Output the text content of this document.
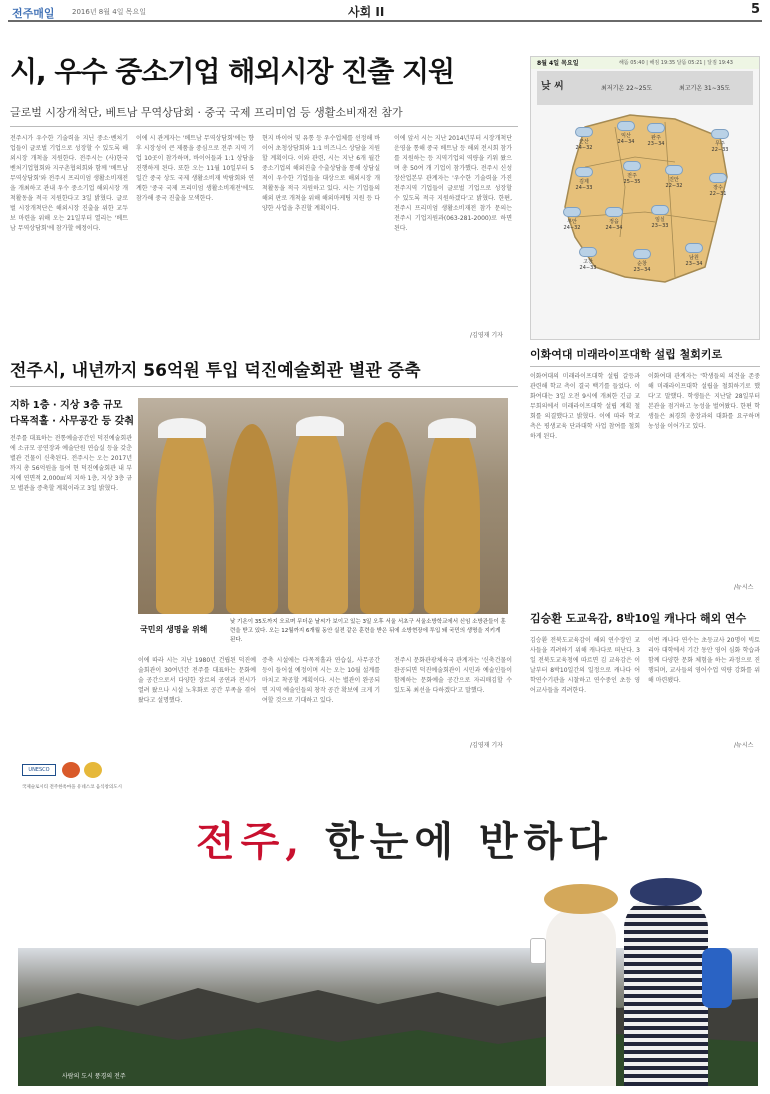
전주매일 2016년 8월 4일 목요일	사회 II	5
시, 우수 중소기업 해외시장 진출 지원
글로벌 시장개척단, 베트남 무역상담회 · 중국 국제 프리미엄 등 생활소비재전 참가
전주시가 우수한 기술력을 지닌 중소·벤처기업들이 글로벌 기업으로 성장할 수 있도록 해외시장 개척을 지원한다. 전주시는 (사)한국벤처기업협회와 지구촌협의회와 함께 '베트남 무역상담회'와 전주시 프리미엄 생활소비재전을 개최하고 관내 우수 중소기업 해외시장 개척활동을 적극 지원한다고 3일 밝혔다. 글로벌 시장개척단은 해외시장 진출을 위한 교두보 마련을 위해 오는 21일부터 열리는 '베트남 무역상담회'에 참가할 예정이다.
이에 시 관계자는 '베트남 무역상담회'에는 향후 시장성이 큰 제품을 중심으로 전주 지역 기업 10곳이 참가하며, 바이어들과 1:1 상담을 진행하게 된다. 또한 오는 11월 10일부터 5일간 중국 상도 국제 생활소비재 박람회와 연계한 '중국 국제 프리미엄 생활소비재전'에도 참가해 중국 진출을 모색한다.
현지 바이어 및 유통 등 우수업체를 선정해 바이어 초청상담회와 1:1 비즈니스 상담을 지원할 계획이다. 이와 관련, 시는 지난 6개 월간 중소기업의 해외진출 수출상담을 통해 상담실적이 우수한 기업들을 대상으로 해외시장 개척활동을 적극 지원하고 있다. 시는 기업들의 해외 판로 개척을 위해 해외마케팅 지원 등 다양한 사업을 추진할 계획이다.
이에 앞서 시는 지난 2014년부터 시장개척단 운영을 통해 중국 베트남 등 해외 전시회 참가를 지원하는 등 지역기업의 역량을 키워 왔으며 총 50여 개 기업이 참가했다. 전주시 신성장산업본부 관계자는 '우수한 기술력을 가진 전주지역 기업들이 글로벌 기업으로 성장할 수 있도록 적극 지원하겠다'고 밝혔다. 한편, 전주시 프리미엄 생활소비재전 참가 문의는 전주시 기업지원과(063-281-2000)로 하면 된다.
/김영재 기자
8월 4일 목요일	해뜸 05:40 | 해짐 19:35 달뜸 05:21 | 달짐 19:43
낮 씨	최저기온 22∼25도	최고기온 31∼35도
군산
24∼32
익산
24∼34
완주
23∼34	무주
22∼33
김제
24∼33
전주
25∼35	진안
22∼32	장수
22∼31
부안
24∼32
정읍
24∼34
임실
23∼33
고창
24∼33
순창
23∼34
남원
23∼34
이화여대 미래라이프대학 설립 철회키로
이화여대의 미래라이프대학 설립 갈등과 관련해 학교 측이 결국 백기를 들었다. 이화여대는 3일 오전 9시에 개최한 긴급 교무회의에서 미래라이프대학 설립 계획 철회를 의결했다고 밝혔다. 이에 따라 학교 측은 평생교육 단과대학 사업 참여를 철회하게 된다.
이화여대 관계자는 '학생들의 의견을 존중해 미래라이프대학 설립을 철회하기로 했다'고 말했다. 학생들은 지난달 28일부터 본관을 점거하고 농성을 벌여왔다. 한편 학생들은 최경희 총장과의 대화를 요구하며 농성을 이어가고 있다.
/뉴시스
전주시, 내년까지 56억원 투입 덕진예술회관 별관 증축
지하 1층 · 지상 3층 규모
다목적홀 · 사무공간 등 갖춰
전주를 대표하는 전통예술공간인 덕진예술회관에 소규모 공연장과 예술단원 연습실 등을 갖춘 별관 건물이 신축된다. 전주시는 오는 2017년까지 총 56억원을 들여 현 덕진예술회관 내 부지에 연면적 2,000㎡의 지하 1층, 지상 3층 규모 별관을 증축할 계획이라고 3일 밝혔다.
이에 따라 시는 지난 1980년 건립된 덕진예술회관이 30여년간 전주를 대표하는 문화예술 공간으로서 다양한 장르의 공연과 전시가 열려 왔으나 시설 노후화로 공간 부족을 겪어왔다고 설명했다.
증축 시설에는 다목적홀과 연습실, 사무공간 등이 들어설 예정이며 시는 오는 10월 설계를 마치고 착공할 계획이다. 시는 별관이 완공되면 지역 예술인들의 창작 공간 확보에 크게 기여할 것으로 기대하고 있다.
전주시 문화관광체육국 관계자는 '신축건물이 완공되면 덕진예술회관이 시민과 예술인들이 함께하는 문화예술 공간으로 자리매김할 수 있도록 최선을 다하겠다'고 말했다.
/김영재 기자
국민의 생명을 위해
낮 기온이 35도까지 오르며 무더운 날씨가 보이고 있는 3일 오후 서울 서초구 서울소방학교에서 신임 소방관들이 훈련을 받고 있다. 오는 12월까지 6개월 동안 실전 같은 훈련을 받은 뒤에 소방현장에 투입 돼 국민의 생명을 지키게 된다.
김승환 도교육감, 8박10일 캐나다 해외 연수
김승환 전북도교육감이 해외 연수장인 교사들을 격려하기 위해 캐나다로 떠난다. 3일 전북도교육청에 따르면 김 교육감은 이날부터 8박10일간의 일정으로 캐나다 어학연수기관을 시찰하고 연수중인 초등 영어교사들을 격려한다.
이번 캐나다 연수는 초등교사 20명이 빅토리아 대학에서 기간 동안 영어 심화 학습과 함께 다양한 문화 체험을 하는 과정으로 진행되며, 교사들의 영어수업 역량 강화를 위해 마련됐다.
/뉴시스
UNESCO
국제슬로시티 전주한옥마을 유네스코 음식창의도시
전주, 한눈에 반하다
사람의 도시 풍경의 전주
